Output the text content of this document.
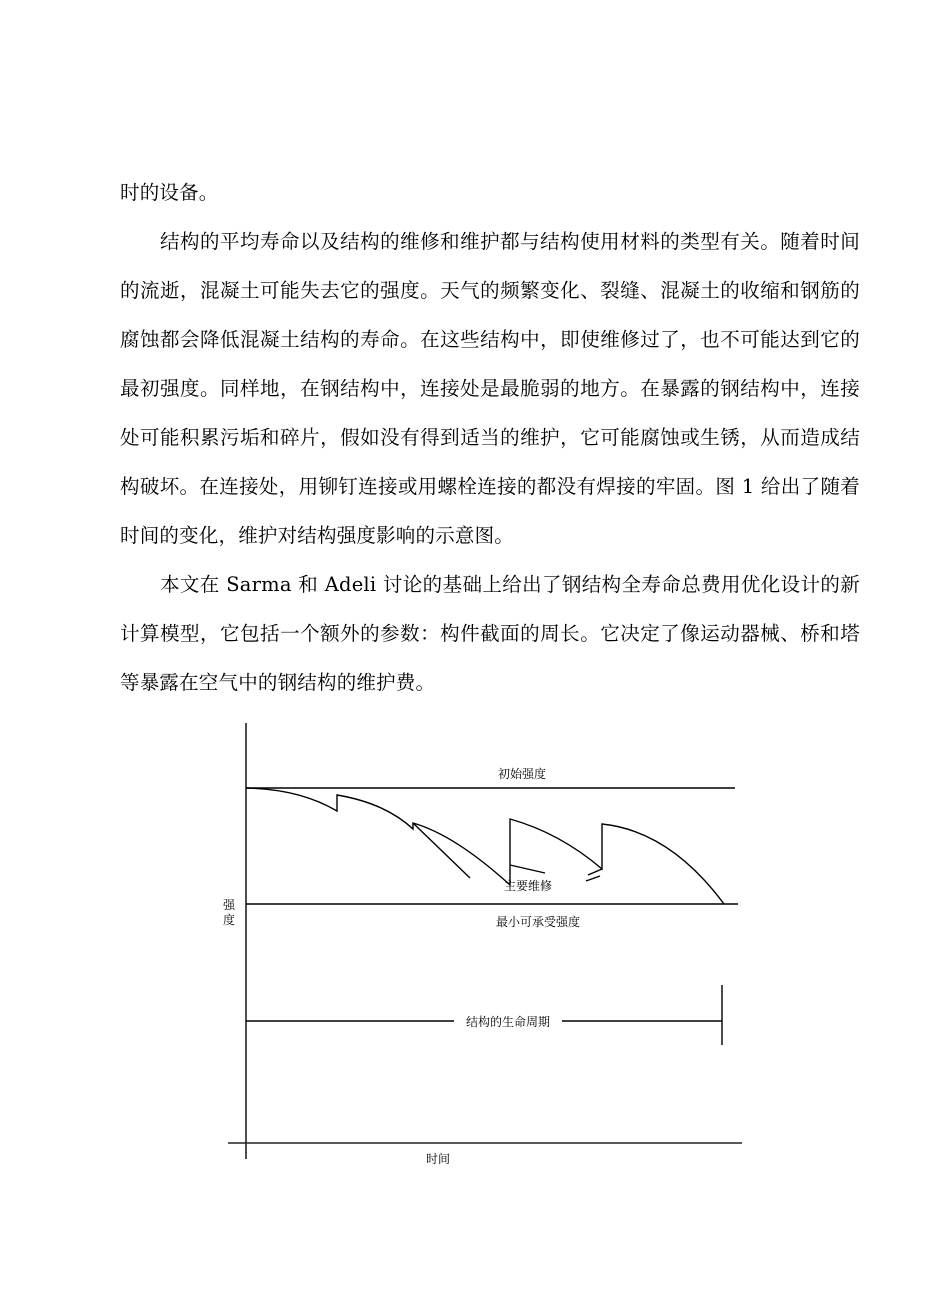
时的设备。

结构的平均寿命以及结构的维修和维护都与结构使用材料的类型有关。随着时间的流逝，混凝土可能失去它的强度。天气的频繁变化、裂缝、混凝土的收缩和钢筋的腐蚀都会降低混凝土结构的寿命。在这些结构中，即使维修过了，也不可能达到它的最初强度。同样地，在钢结构中，连接处是最脆弱的地方。在暴露的钢结构中，连接处可能积累污垢和碎片，假如没有得到适当的维护，它可能腐蚀或生锈，从而造成结构破坏。在连接处，用铆钉连接或用螺栓连接的都没有焊接的牢固。图 1 给出了随着时间的变化，维护对结构强度影响的示意图。

本文在 Sarma 和 Adeli 讨论的基础上给出了钢结构全寿命总费用优化设计的新计算模型，它包括一个额外的参数：构件截面的周长。它决定了像运动器械、桥和塔等暴露在空气中的钢结构的维护费。

初始强度
主要维修
最小可承受强度
强
度
结构的生命周期
时间
